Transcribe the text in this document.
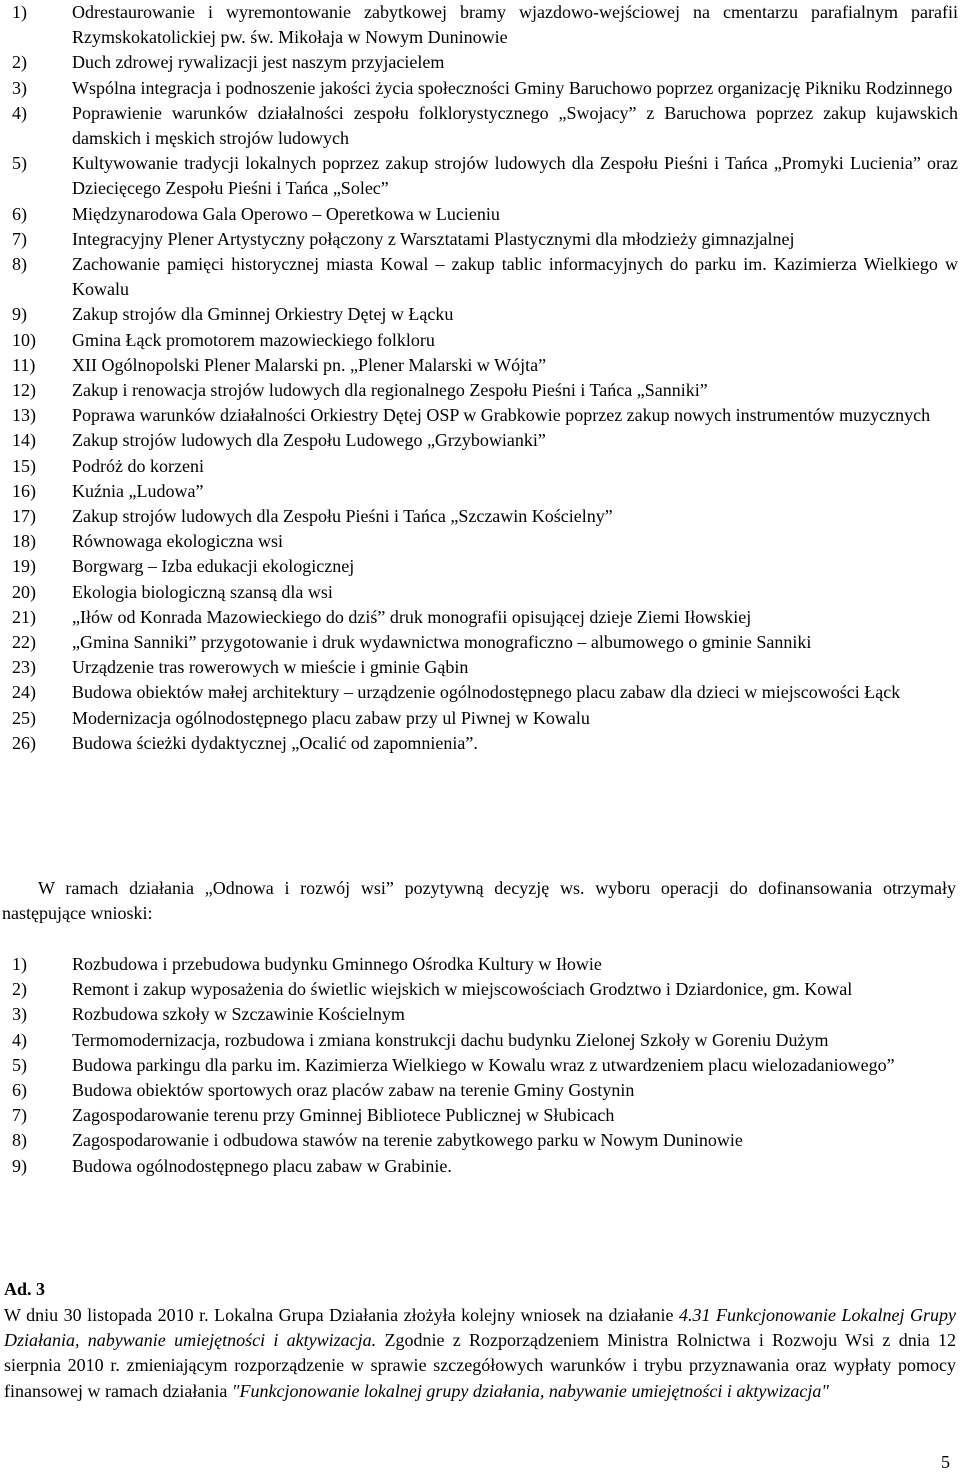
1)	Odrestaurowanie i wyremontowanie zabytkowej bramy wjazdowo-wejściowej na cmentarzu parafialnym parafii Rzymskokatolickiej pw. św. Mikołaja w Nowym Duninowie
2)	Duch zdrowej rywalizacji jest naszym przyjacielem
3)	Wspólna integracja i podnoszenie jakości życia społeczności Gminy Baruchowo poprzez organizację Pikniku Rodzinnego
4)	Poprawienie warunków działalności zespołu folklorystycznego „Swojacy” z Baruchowa poprzez zakup kujawskich damskich i męskich strojów ludowych
5)	Kultywowanie tradycji lokalnych poprzez zakup strojów ludowych dla Zespołu Pieśni i Tańca „Promyki Lucienia” oraz Dziecięcego Zespołu Pieśni i Tańca „Solec”
6)	Międzynarodowa Gala Operowo – Operetkowa w Lucieniu
7)	Integracyjny Plener Artystyczny połączony z Warsztatami Plastycznymi dla młodzieży gimnazjalnej
8)	Zachowanie pamięci historycznej miasta Kowal – zakup tablic informacyjnych do parku im. Kazimierza Wielkiego w Kowalu
9)	Zakup strojów dla Gminnej Orkiestry Dętej w Łącku
10) Gmina Łąck promotorem mazowieckiego folkloru
11) XII Ogólnopolski Plener Malarski pn. „Plener Malarski w Wójta”
12) Zakup i renowacja strojów ludowych dla regionalnego Zespołu Pieśni i Tańca „Sanniki”
13) Poprawa warunków działalności Orkiestry Dętej OSP w Grabkowie poprzez zakup nowych instrumentów muzycznych
14) Zakup strojów ludowych dla Zespołu Ludowego „Grzybowianki”
15) Podróż do korzeni
16) Kuźnia „Ludowa”
17) Zakup strojów ludowych dla Zespołu Pieśni i Tańca „Szczawin Kościelny”
18) Równowaga ekologiczna wsi
19) Borgwarg – Izba edukacji ekologicznej
20) Ekologia biologiczną szansą dla wsi
21) „Iłów od Konrada Mazowieckiego do dziś” druk monografii opisującej dzieje Ziemi Iłowskiej
22) „Gmina Sanniki” przygotowanie i druk wydawnictwa monograficzno – albumowego o gminie Sanniki
23) Urządzenie tras rowerowych w mieście i gminie Gąbin
24) Budowa obiektów małej architektury – urządzenie ogólnodostępnego placu zabaw dla dzieci w miejscowości Łąck
25) Modernizacja ogólnodostępnego placu zabaw przy ul Piwnej w Kowalu
26) Budowa ścieżki dydaktycznej „Ocalić od zapomnienia”.

W ramach działania „Odnowa i rozwój wsi” pozytywną decyzję ws. wyboru operacji do dofinansowania otrzymały następujące wnioski:

1)	Rozbudowa i przebudowa budynku Gminnego Ośrodka Kultury w Iłowie
2)	Remont i zakup wyposażenia do świetlic wiejskich w miejscowościach Grodztwo i Dziardonice, gm. Kowal
3)	Rozbudowa szkoły w Szczawinie Kościelnym
4)	Termomodernizacja, rozbudowa i zmiana konstrukcji dachu budynku Zielonej Szkoły w Goreniu Dużym
5)	Budowa parkingu dla parku im. Kazimierza Wielkiego w Kowalu wraz z utwardzeniem placu wielozadaniowego”
6)	Budowa obiektów sportowych oraz placów zabaw na terenie Gminy Gostynin
7)	Zagospodarowanie terenu przy Gminnej Bibliotece Publicznej w Słubicach
8)	Zagospodarowanie i odbudowa stawów na terenie zabytkowego parku w Nowym Duninowie
9)	Budowa ogólnodostępnego placu zabaw w Grabinie.

Ad. 3

W dniu 30 listopada 2010 r. Lokalna Grupa Działania złożyła kolejny wniosek na działanie 4.31 Funkcjonowanie Lokalnej Grupy Działania, nabywanie umiejętności i aktywizacja. Zgodnie z Rozporządzeniem Ministra Rolnictwa i Rozwoju Wsi z dnia 12 sierpnia 2010 r. zmieniającym rozporządzenie w sprawie szczegółowych warunków i trybu przyznawania oraz wypłaty pomocy finansowej w ramach działania "Funkcjonowanie lokalnej grupy działania, nabywanie umiejętności i aktywizacja"

5
